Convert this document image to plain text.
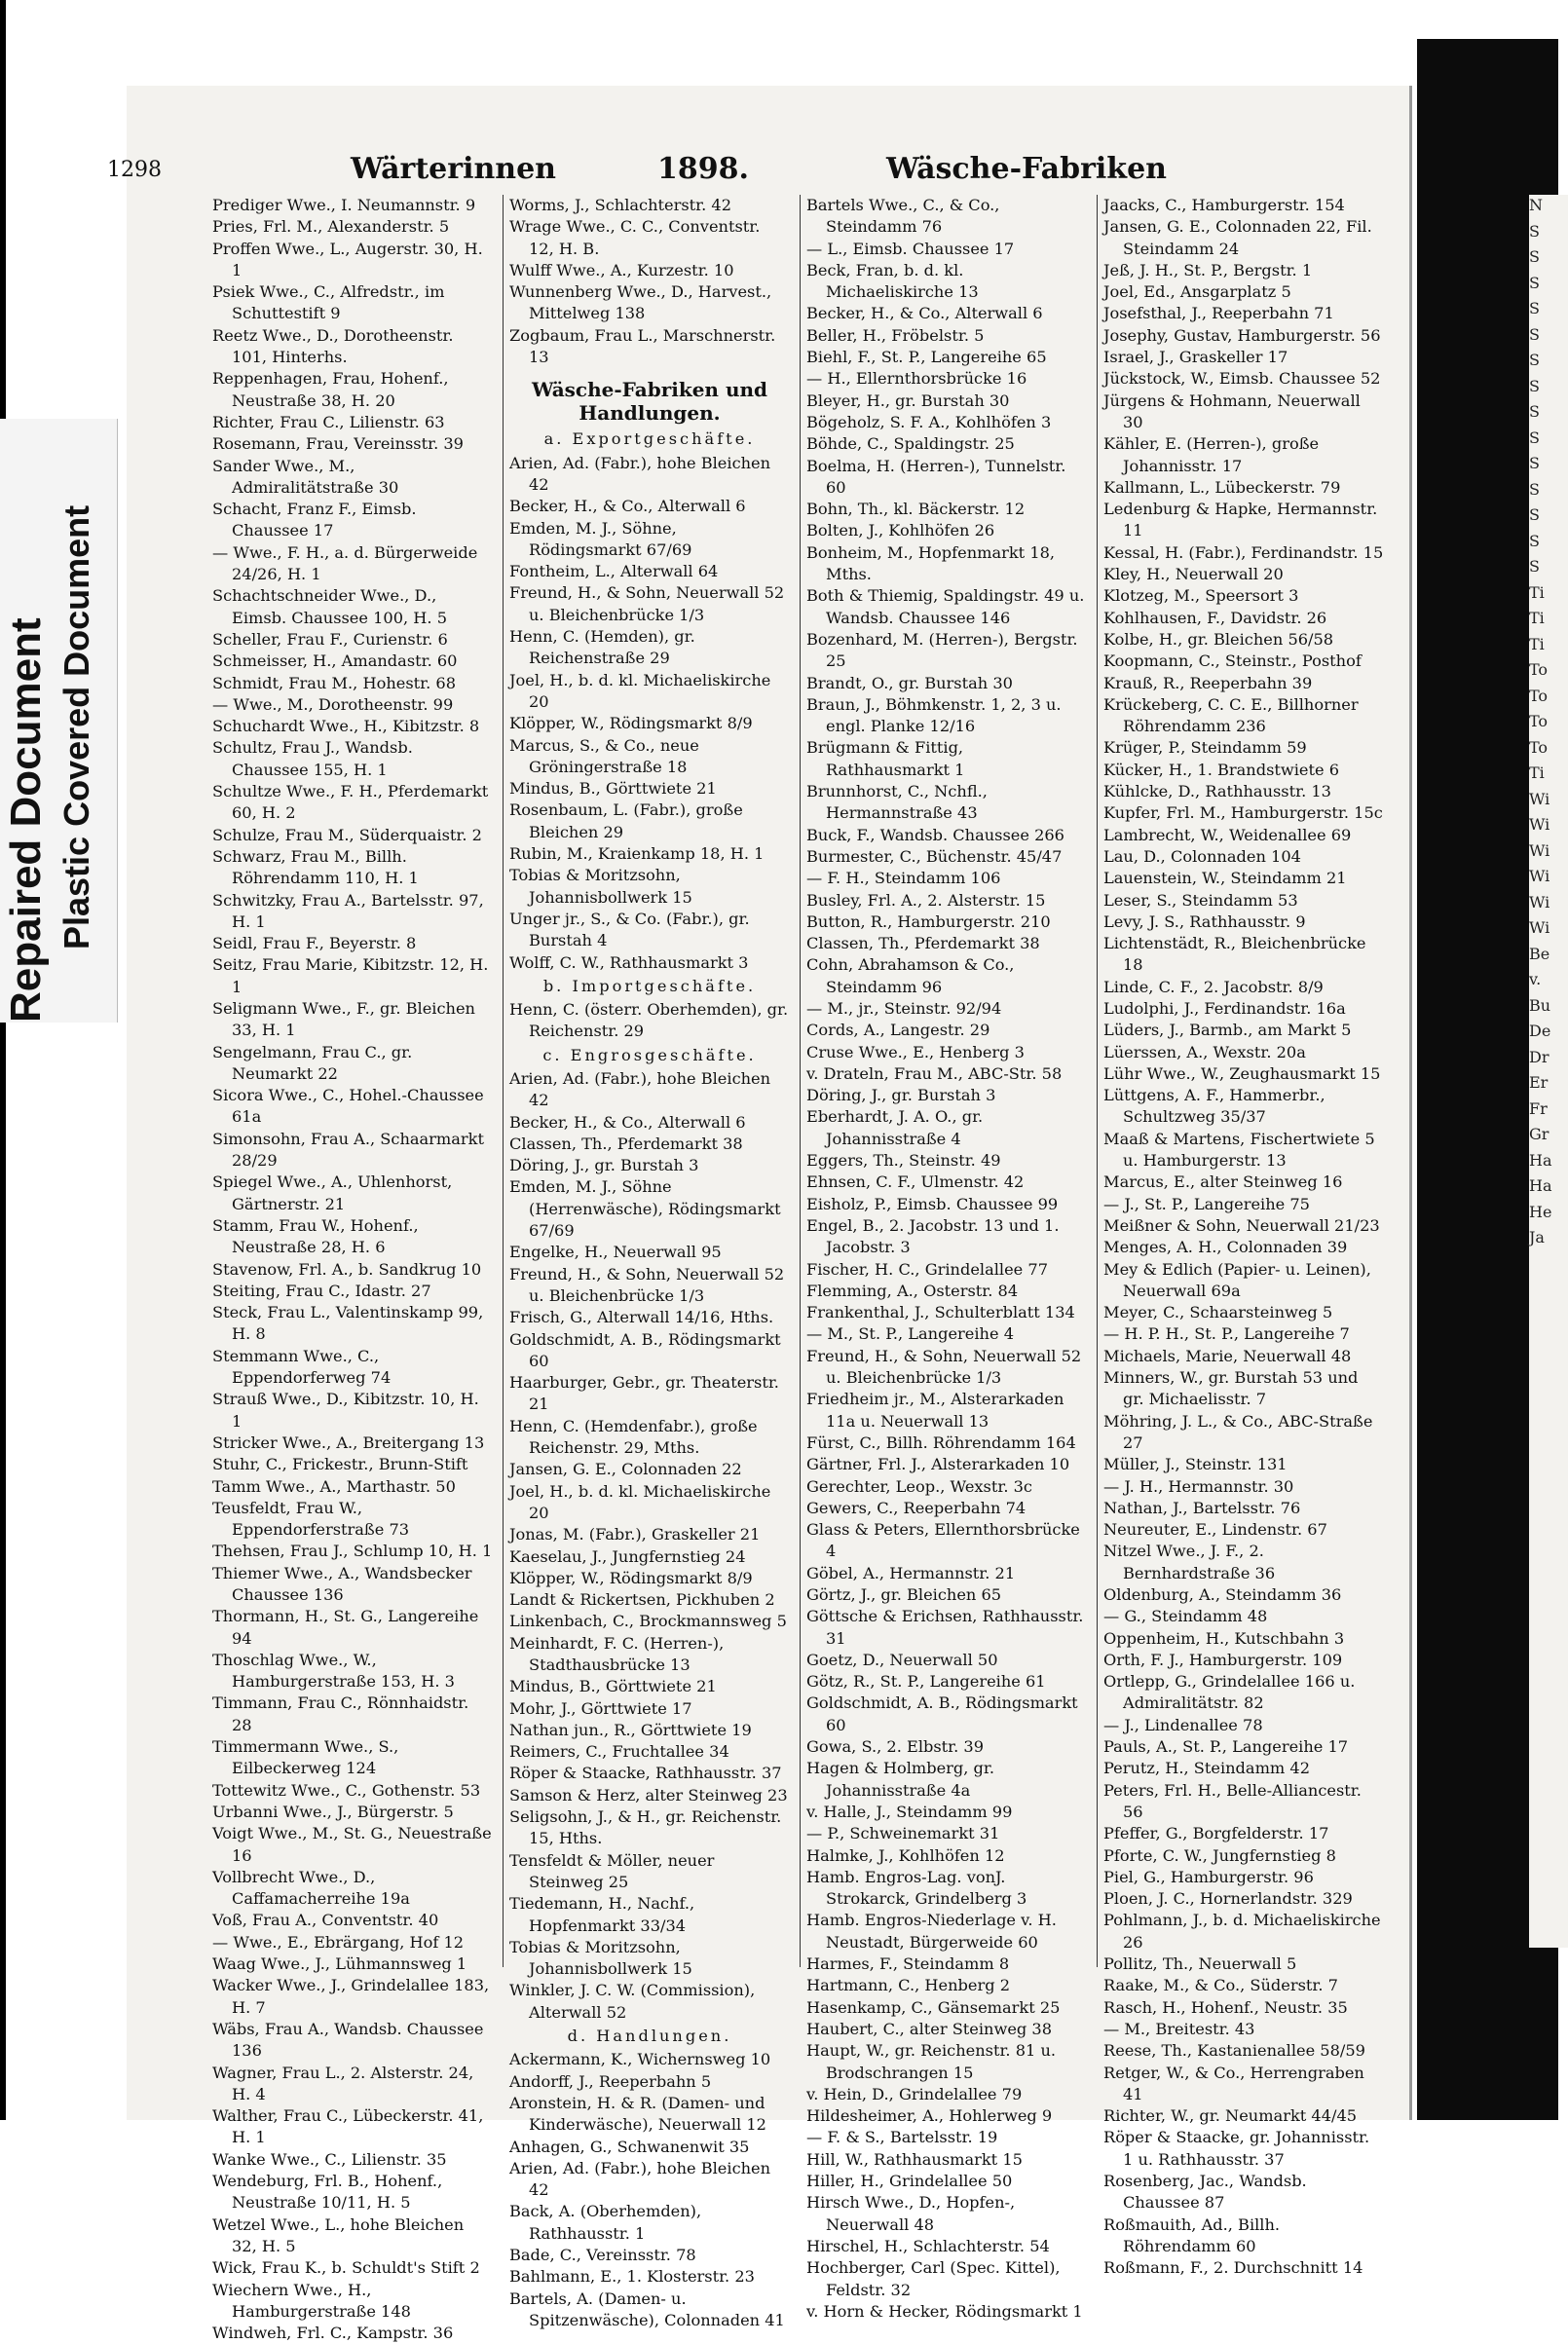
Repaired Document Plastic Covered Document
1298	Wärterinnen	1898.	Wäsche-Fabriken

Prediger Wwe., I. Neumannstr. 9

Pries, Frl. M., Alexanderstr. 5

Proffen Wwe., L., Augerstr. 30, H. 1

Psiek Wwe., C., Alfredstr., im Schuttestift 9

Reetz Wwe., D., Dorotheenstr. 101, Hinterhs.

Reppenhagen, Frau, Hohenf., Neustraße 38, H. 20

Richter, Frau C., Lilienstr. 63

Rosemann, Frau, Vereinsstr. 39

Sander Wwe., M., Admiralitätstraße 30

Schacht, Franz F., Eimsb. Chaussee 17

— Wwe., F. H., a. d. Bürgerweide 24/26, H. 1

Schachtschneider Wwe., D., Eimsb. Chaussee 100, H. 5

Scheller, Frau F., Curienstr. 6

Schmeisser, H., Amandastr. 60

Schmidt, Frau M., Hohestr. 68

— Wwe., M., Dorotheenstr. 99

Schuchardt Wwe., H., Kibitzstr. 8

Schultz, Frau J., Wandsb. Chaussee 155, H. 1

Schultze Wwe., F. H., Pferdemarkt 60, H. 2

Schulze, Frau M., Süderquaistr. 2

Schwarz, Frau M., Billh. Röhrendamm 110, H. 1

Schwitzky, Frau A., Bartelsstr. 97, H. 1

Seidl, Frau F., Beyerstr. 8

Seitz, Frau Marie, Kibitzstr. 12, H. 1

Seligmann Wwe., F., gr. Bleichen 33, H. 1

Sengelmann, Frau C., gr. Neumarkt 22

Sicora Wwe., C., Hohel.-Chaussee 61a

Simonsohn, Frau A., Schaarmarkt 28/29

Spiegel Wwe., A., Uhlenhorst, Gärtnerstr. 21

Stamm, Frau W., Hohenf., Neustraße 28, H. 6

Stavenow, Frl. A., b. Sandkrug 10

Steiting, Frau C., Idastr. 27

Steck, Frau L., Valentinskamp 99, H. 8

Stemmann Wwe., C., Eppendorferweg 74

Strauß Wwe., D., Kibitzstr. 10, H. 1

Stricker Wwe., A., Breitergang 13

Stuhr, C., Frickestr., Brunn-Stift

Tamm Wwe., A., Marthastr. 50

Teusfeldt, Frau W., Eppendorferstraße 73

Thehsen, Frau J., Schlump 10, H. 1

Thiemer Wwe., A., Wandsbecker Chaussee 136

Thormann, H., St. G., Langereihe 94

Thoschlag Wwe., W., Hamburgerstraße 153, H. 3

Timmann, Frau C., Rönnhaidstr. 28

Timmermann Wwe., S., Eilbeckerweg 124

Tottewitz Wwe., C., Gothenstr. 53

Urbanni Wwe., J., Bürgerstr. 5

Voigt Wwe., M., St. G., Neuestraße 16

Vollbrecht Wwe., D., Caffamacherreihe 19a

Voß, Frau A., Conventstr. 40

— Wwe., E., Ebrärgang, Hof 12

Waag Wwe., J., Lühmannsweg 1

Wacker Wwe., J., Grindelallee 183, H. 7

Wäbs, Frau A., Wandsb. Chaussee 136

Wagner, Frau L., 2. Alsterstr. 24, H. 4

Walther, Frau C., Lübeckerstr. 41, H. 1

Wanke Wwe., C., Lilienstr. 35

Wendeburg, Frl. B., Hohenf., Neustraße 10/11, H. 5

Wetzel Wwe., L., hohe Bleichen 32, H. 5

Wick, Frau K., b. Schuldt's Stift 2

Wiechern Wwe., H., Hamburgerstraße 148

Windweh, Frl. C., Kampstr. 36

Worms, J., Schlachterstr. 42

Wrage Wwe., C. C., Conventstr. 12, H. B.

Wulff Wwe., A., Kurzestr. 10

Wunnenberg Wwe., D., Harvest., Mittelweg 138

Zogbaum, Frau L., Marschnerstr. 13

Wäsche-Fabriken und Handlungen.
a. Exportgeschäfte.

Arien, Ad. (Fabr.), hohe Bleichen 42

Becker, H., & Co., Alterwall 6

Emden, M. J., Söhne, Rödingsmarkt 67/69

Fontheim, L., Alterwall 64

Freund, H., & Sohn, Neuerwall 52 u. Bleichenbrücke 1/3

Henn, C. (Hemden), gr. Reichenstraße 29

Joel, H., b. d. kl. Michaeliskirche 20

Klöpper, W., Rödingsmarkt 8/9

Marcus, S., & Co., neue Gröningerstraße 18

Mindus, B., Görttwiete 21

Rosenbaum, L. (Fabr.), große Bleichen 29

Rubin, M., Kraienkamp 18, H. 1

Tobias & Moritzsohn, Johannisbollwerk 15

Unger jr., S., & Co. (Fabr.), gr. Burstah 4

Wolff, C. W., Rathhausmarkt 3

b. Importgeschäfte.

Henn, C. (österr. Oberhemden), gr. Reichenstr. 29

c. Engrosgeschäfte.

Arien, Ad. (Fabr.), hohe Bleichen 42

Becker, H., & Co., Alterwall 6

Classen, Th., Pferdemarkt 38

Döring, J., gr. Burstah 3

Emden, M. J., Söhne (Herrenwäsche), Rödingsmarkt 67/69

Engelke, H., Neuerwall 95

Freund, H., & Sohn, Neuerwall 52 u. Bleichenbrücke 1/3

Frisch, G., Alterwall 14/16, Hths.

Goldschmidt, A. B., Rödingsmarkt 60

Haarburger, Gebr., gr. Theaterstr. 21

Henn, C. (Hemdenfabr.), große Reichenstr. 29, Mths.

Jansen, G. E., Colonnaden 22

Joel, H., b. d. kl. Michaeliskirche 20

Jonas, M. (Fabr.), Graskeller 21

Kaeselau, J., Jungfernstieg 24

Klöpper, W., Rödingsmarkt 8/9

Landt & Rickertsen, Pickhuben 2

Linkenbach, C., Brockmannsweg 5

Meinhardt, F. C. (Herren-), Stadthausbrücke 13

Mindus, B., Görttwiete 21

Mohr, J., Görttwiete 17

Nathan jun., R., Görttwiete 19

Reimers, C., Fruchtallee 34

Röper & Staacke, Rathhausstr. 37

Samson & Herz, alter Steinweg 23

Seligsohn, J., & H., gr. Reichenstr. 15, Hths.

Tensfeldt & Möller, neuer Steinweg 25

Tiedemann, H., Nachf., Hopfenmarkt 33/34

Tobias & Moritzsohn, Johannisbollwerk 15

Winkler, J. C. W. (Commission), Alterwall 52

d. Handlungen.

Ackermann, K., Wichernsweg 10

Andorff, J., Reeperbahn 5

Aronstein, H. & R. (Damen- und Kinderwäsche), Neuerwall 12

Anhagen, G., Schwanenwit 35

Arien, Ad. (Fabr.), hohe Bleichen 42

Back, A. (Oberhemden), Rathhausstr. 1

Bade, C., Vereinsstr. 78

Bahlmann, E., 1. Klosterstr. 23

Bartels, A. (Damen- u. Spitzenwäsche), Colonnaden 41

Bartels Wwe., C., & Co., Steindamm 76

— L., Eimsb. Chaussee 17

Beck, Fran, b. d. kl. Michaeliskirche 13

Becker, H., & Co., Alterwall 6

Beller, H., Fröbelstr. 5

Biehl, F., St. P., Langereihe 65

— H., Ellernthorsbrücke 16

Bleyer, H., gr. Burstah 30

Bögeholz, S. F. A., Kohlhöfen 3

Böhde, C., Spaldingstr. 25

Boelma, H. (Herren-), Tunnelstr. 60

Bohn, Th., kl. Bäckerstr. 12

Bolten, J., Kohlhöfen 26

Bonheim, M., Hopfenmarkt 18, Mths.

Both & Thiemig, Spaldingstr. 49 u. Wandsb. Chaussee 146

Bozenhard, M. (Herren-), Bergstr. 25

Brandt, O., gr. Burstah 30

Braun, J., Böhmkenstr. 1, 2, 3 u. engl. Planke 12/16

Brügmann & Fittig, Rathhausmarkt 1

Brunnhorst, C., Nchfl., Hermannstraße 43

Buck, F., Wandsb. Chaussee 266

Burmester, C., Büchenstr. 45/47

— F. H., Steindamm 106

Busley, Frl. A., 2. Alsterstr. 15

Button, R., Hamburgerstr. 210

Classen, Th., Pferdemarkt 38

Cohn, Abrahamson & Co., Steindamm 96

— M., jr., Steinstr. 92/94

Cords, A., Langestr. 29

Cruse Wwe., E., Henberg 3

v. Drateln, Frau M., ABC-Str. 58

Döring, J., gr. Burstah 3

Eberhardt, J. A. O., gr. Johannisstraße 4

Eggers, Th., Steinstr. 49

Ehnsen, C. F., Ulmenstr. 42

Eisholz, P., Eimsb. Chaussee 99

Engel, B., 2. Jacobstr. 13 und 1. Jacobstr. 3

Fischer, H. C., Grindelallee 77

Flemming, A., Osterstr. 84

Frankenthal, J., Schulterblatt 134

— M., St. P., Langereihe 4

Freund, H., & Sohn, Neuerwall 52 u. Bleichenbrücke 1/3

Friedheim jr., M., Alsterarkaden 11a u. Neuerwall 13

Fürst, C., Billh. Röhrendamm 164

Gärtner, Frl. J., Alsterarkaden 10

Gerechter, Leop., Wexstr. 3c

Gewers, C., Reeperbahn 74

Glass & Peters, Ellernthorsbrücke 4

Göbel, A., Hermannstr. 21

Görtz, J., gr. Bleichen 65

Göttsche & Erichsen, Rathhausstr. 31

Goetz, D., Neuerwall 50

Götz, R., St. P., Langereihe 61

Goldschmidt, A. B., Rödingsmarkt 60

Gowa, S., 2. Elbstr. 39

Hagen & Holmberg, gr. Johannisstraße 4a

v. Halle, J., Steindamm 99

— P., Schweinemarkt 31

Halmke, J., Kohlhöfen 12

Hamb. Engros-Lag. vonJ. Strokarck, Grindelberg 3

Hamb. Engros-Niederlage v. H. Neustadt, Bürgerweide 60

Harmes, F., Steindamm 8

Hartmann, C., Henberg 2

Hasenkamp, C., Gänsemarkt 25

Haubert, C., alter Steinweg 38

Haupt, W., gr. Reichenstr. 81 u. Brodschrangen 15

v. Hein, D., Grindelallee 79

Hildesheimer, A., Hohlerweg 9

— F. & S., Bartelsstr. 19

Hill, W., Rathhausmarkt 15

Hiller, H., Grindelallee 50

Hirsch Wwe., D., Hopfen-, Neuerwall 48

Hirschel, H., Schlachterstr. 54

Hochberger, Carl (Spec. Kittel), Feldstr. 32

v. Horn & Hecker, Rödingsmarkt 1

Jaacks, C., Hamburgerstr. 154

Jansen, G. E., Colonnaden 22, Fil. Steindamm 24

Jeß, J. H., St. P., Bergstr. 1

Joel, Ed., Ansgarplatz 5

Josefsthal, J., Reeperbahn 71

Josephy, Gustav, Hamburgerstr. 56

Israel, J., Graskeller 17

Jückstock, W., Eimsb. Chaussee 52

Jürgens & Hohmann, Neuerwall 30

Kähler, E. (Herren-), große Johannisstr. 17

Kallmann, L., Lübeckerstr. 79

Ledenburg & Hapke, Hermannstr. 11

Kessal, H. (Fabr.), Ferdinandstr. 15

Kley, H., Neuerwall 20

Klotzeg, M., Speersort 3

Kohlhausen, F., Davidstr. 26

Kolbe, H., gr. Bleichen 56/58

Koopmann, C., Steinstr., Posthof

Krauß, R., Reeperbahn 39

Krückeberg, C. C. E., Billhorner Röhrendamm 236

Krüger, P., Steindamm 59

Kücker, H., 1. Brandstwiete 6

Kühlcke, D., Rathhausstr. 13

Kupfer, Frl. M., Hamburgerstr. 15c

Lambrecht, W., Weidenallee 69

Lau, D., Colonnaden 104

Lauenstein, W., Steindamm 21

Leser, S., Steindamm 53

Levy, J. S., Rathhausstr. 9

Lichtenstädt, R., Bleichenbrücke 18

Linde, C. F., 2. Jacobstr. 8/9

Ludolphi, J., Ferdinandstr. 16a

Lüders, J., Barmb., am Markt 5

Lüerssen, A., Wexstr. 20a

Lühr Wwe., W., Zeughausmarkt 15

Lüttgens, A. F., Hammerbr., Schultzweg 35/37

Maaß & Martens, Fischertwiete 5 u. Hamburgerstr. 13

Marcus, E., alter Steinweg 16

— J., St. P., Langereihe 75

Meißner & Sohn, Neuerwall 21/23

Menges, A. H., Colonnaden 39

Mey & Edlich (Papier- u. Leinen), Neuerwall 69a

Meyer, C., Schaarsteinweg 5

— H. P. H., St. P., Langereihe 7

Michaels, Marie, Neuerwall 48

Minners, W., gr. Burstah 53 und gr. Michaelisstr. 7

Möhring, J. L., & Co., ABC-Straße 27

Müller, J., Steinstr. 131

— J. H., Hermannstr. 30

Nathan, J., Bartelsstr. 76

Neureuter, E., Lindenstr. 67

Nitzel Wwe., J. F., 2. Bernhardstraße 36

Oldenburg, A., Steindamm 36

— G., Steindamm 48

Oppenheim, H., Kutschbahn 3

Orth, F. J., Hamburgerstr. 109

Ortlepp, G., Grindelallee 166 u. Admiralitätstr. 82

— J., Lindenallee 78

Pauls, A., St. P., Langereihe 17

Perutz, H., Steindamm 42

Peters, Frl. H., Belle-Alliancestr. 56

Pfeffer, G., Borgfelderstr. 17

Pforte, C. W., Jungfernstieg 8

Piel, G., Hamburgerstr. 96

Ploen, J. C., Hornerlandstr. 329

Pohlmann, J., b. d. Michaeliskirche 26

Pollitz, Th., Neuerwall 5

Raake, M., & Co., Süderstr. 7

Rasch, H., Hohenf., Neustr. 35

— M., Breitestr. 43

Reese, Th., Kastanienallee 58/59

Retger, W., & Co., Herrengraben 41

Richter, W., gr. Neumarkt 44/45

Röper & Staacke, gr. Johannisstr. 1 u. Rathhausstr. 37

Rosenberg, Jac., Wandsb. Chaussee 87

Roßmauith, Ad., Billh. Röhrendamm 60

Roßmann, F., 2. Durchschnitt 14

N

S

S

S

S

S

S

S

S

S

S

S

S

S

S

Ti

Ti

Ti

To

To

To

To

Ti

Wi

Wi

Wi

Wi

Wi

Wi

Be

v.

Bu

De

Dr

Er

Fr

Gr

Ha

Ha

He

Ja
